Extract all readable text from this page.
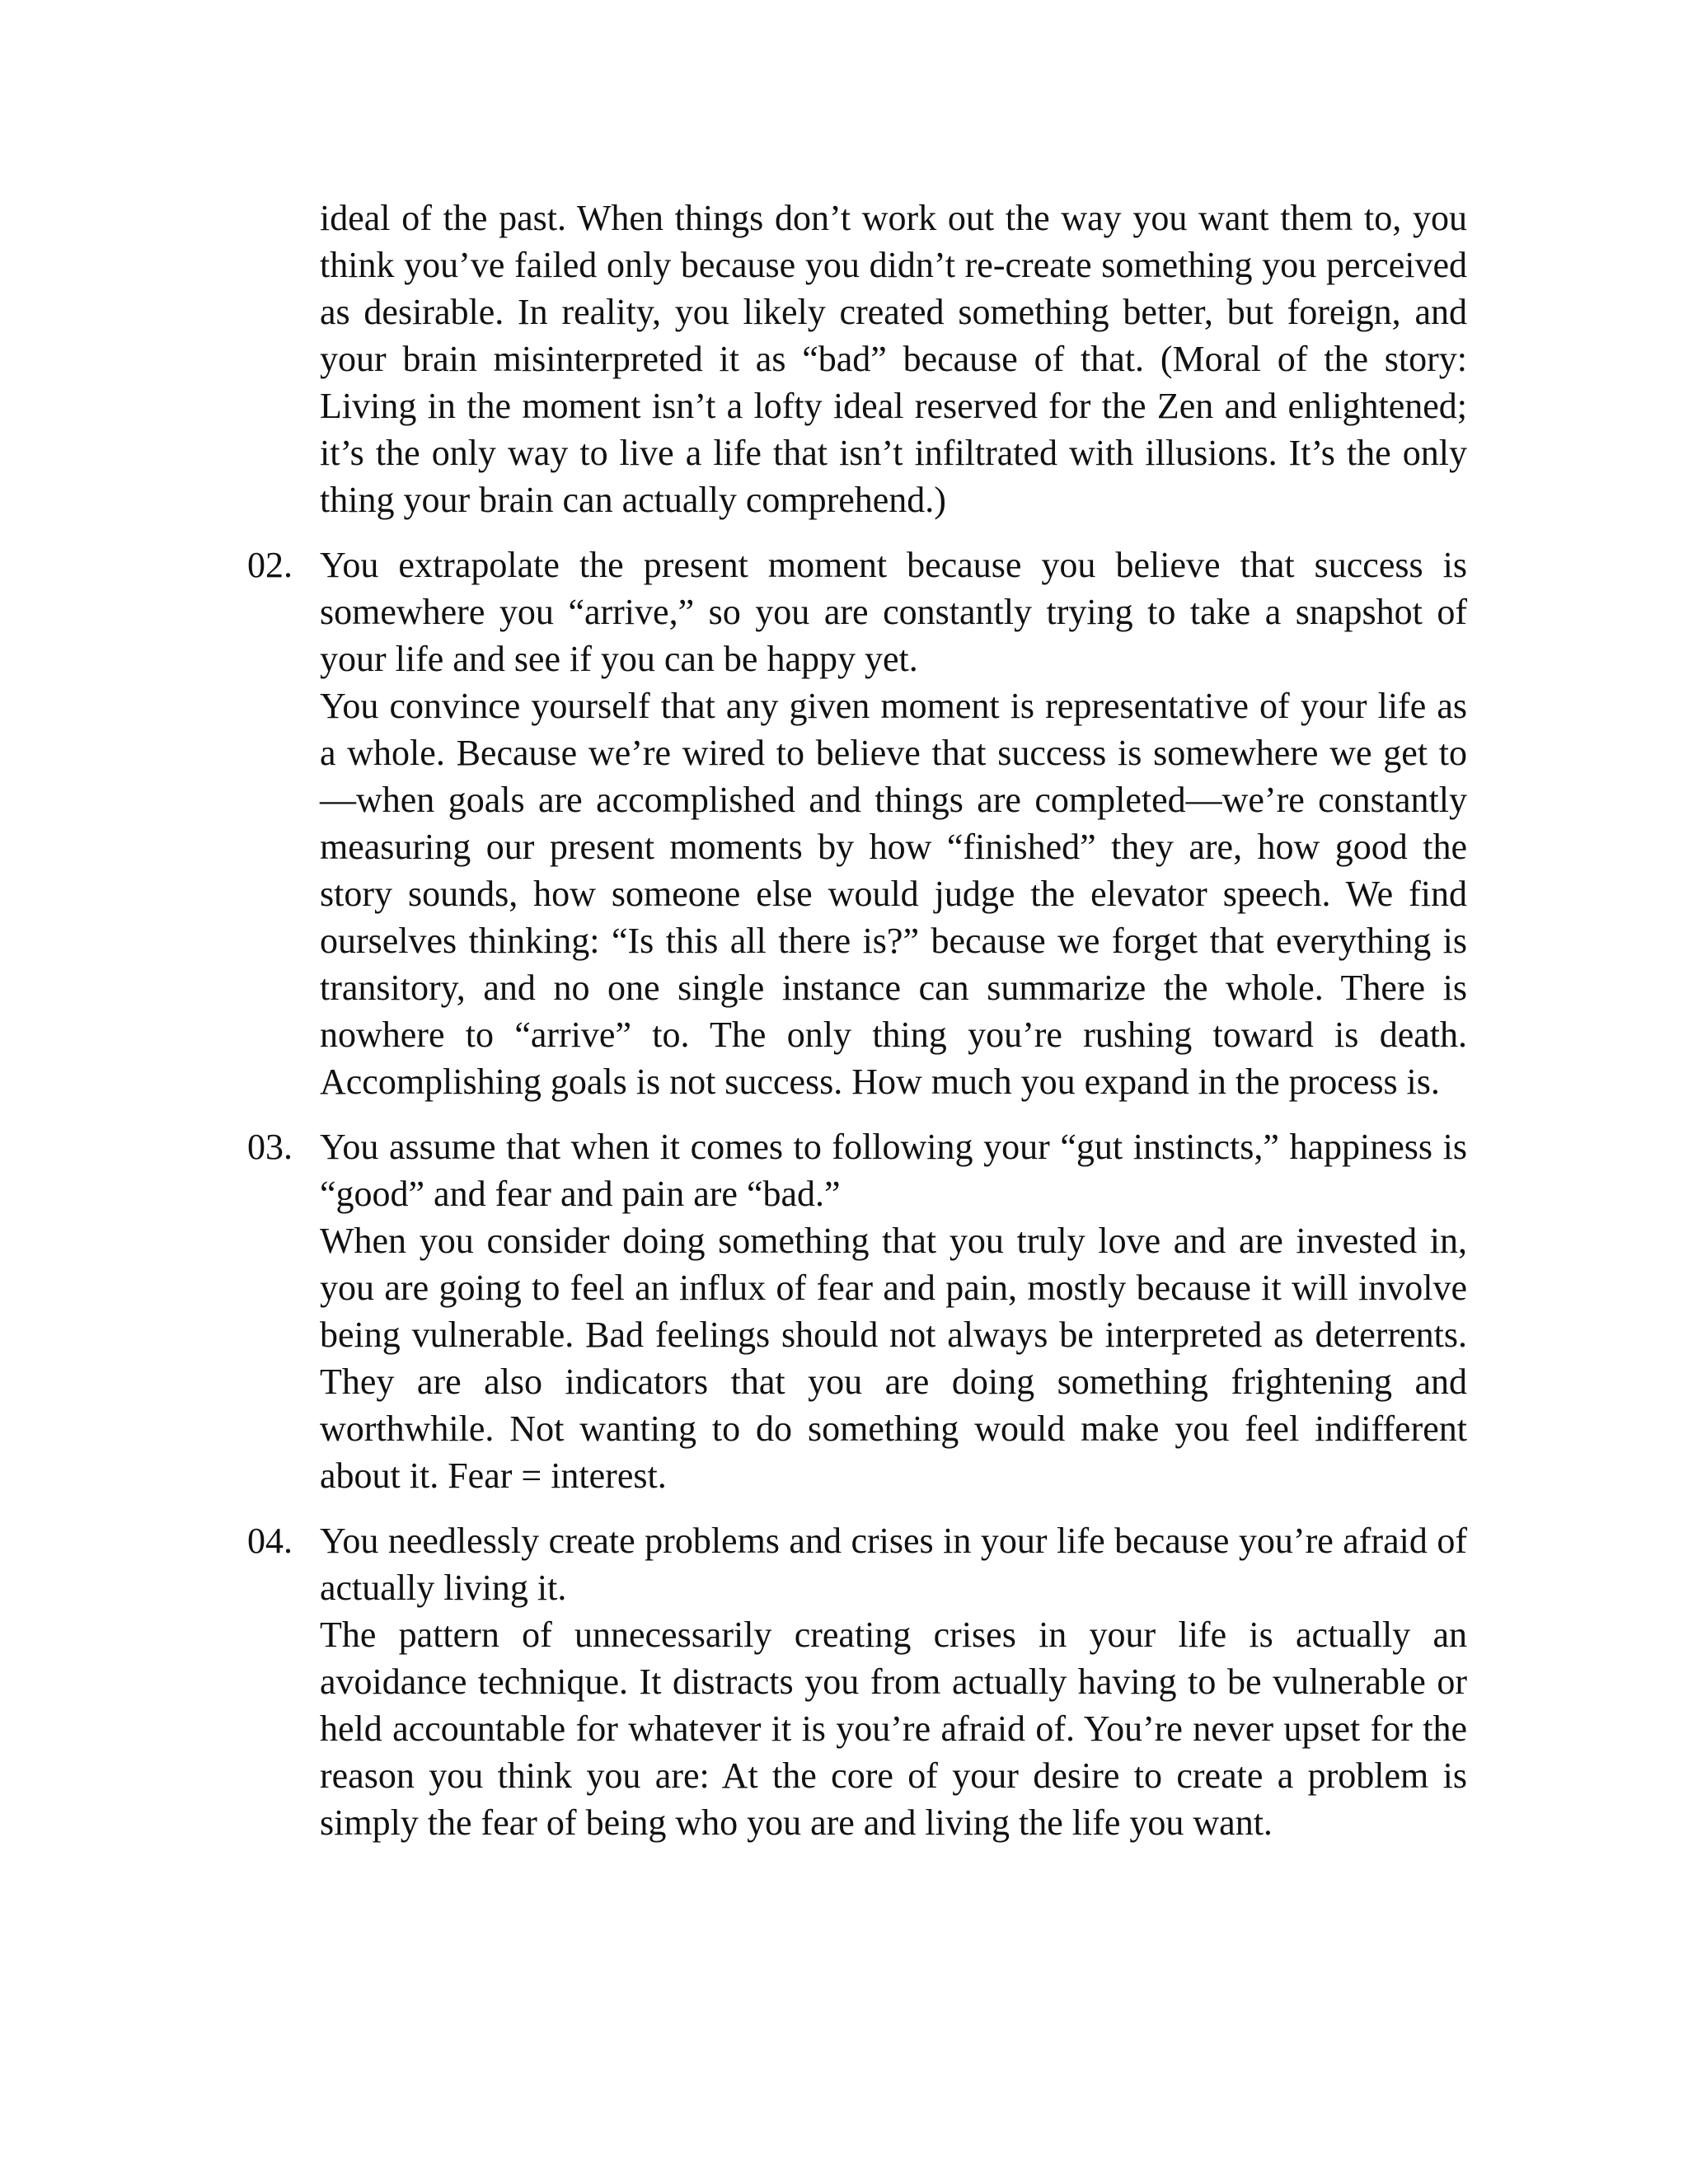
ideal of the past. When things don’t work out the way you want them to, you think you’ve failed only because you didn’t re-create something you perceived as desirable. In reality, you likely created something better, but foreign, and your brain misinterpreted it as “bad” because of that. (Moral of the story: Living in the moment isn’t a lofty ideal reserved for the Zen and enlightened; it’s the only way to live a life that isn’t infiltrated with illusions. It’s the only thing your brain can actually comprehend.)

02. You extrapolate the present moment because you believe that success is somewhere you “arrive,” so you are constantly trying to take a snapshot of your life and see if you can be happy yet.

You convince yourself that any given moment is representative of your life as a whole. Because we’re wired to believe that success is somewhere we get to—when goals are accomplished and things are completed—we’re constantly measuring our present moments by how “finished” they are, how good the story sounds, how someone else would judge the elevator speech. We find ourselves thinking: “Is this all there is?” because we forget that everything is transitory, and no one single instance can summarize the whole. There is nowhere to “arrive” to. The only thing you’re rushing toward is death. Accomplishing goals is not success. How much you expand in the process is.

03. You assume that when it comes to following your “gut instincts,” happiness is “good” and fear and pain are “bad.”

When you consider doing something that you truly love and are invested in, you are going to feel an influx of fear and pain, mostly because it will involve being vulnerable. Bad feelings should not always be interpreted as deterrents. They are also indicators that you are doing something frightening and worthwhile. Not wanting to do something would make you feel indifferent about it. Fear = interest.

04. You needlessly create problems and crises in your life because you’re afraid of actually living it.

The pattern of unnecessarily creating crises in your life is actually an avoidance technique. It distracts you from actually having to be vulnerable or held accountable for whatever it is you’re afraid of. You’re never upset for the reason you think you are: At the core of your desire to create a problem is simply the fear of being who you are and living the life you want.
